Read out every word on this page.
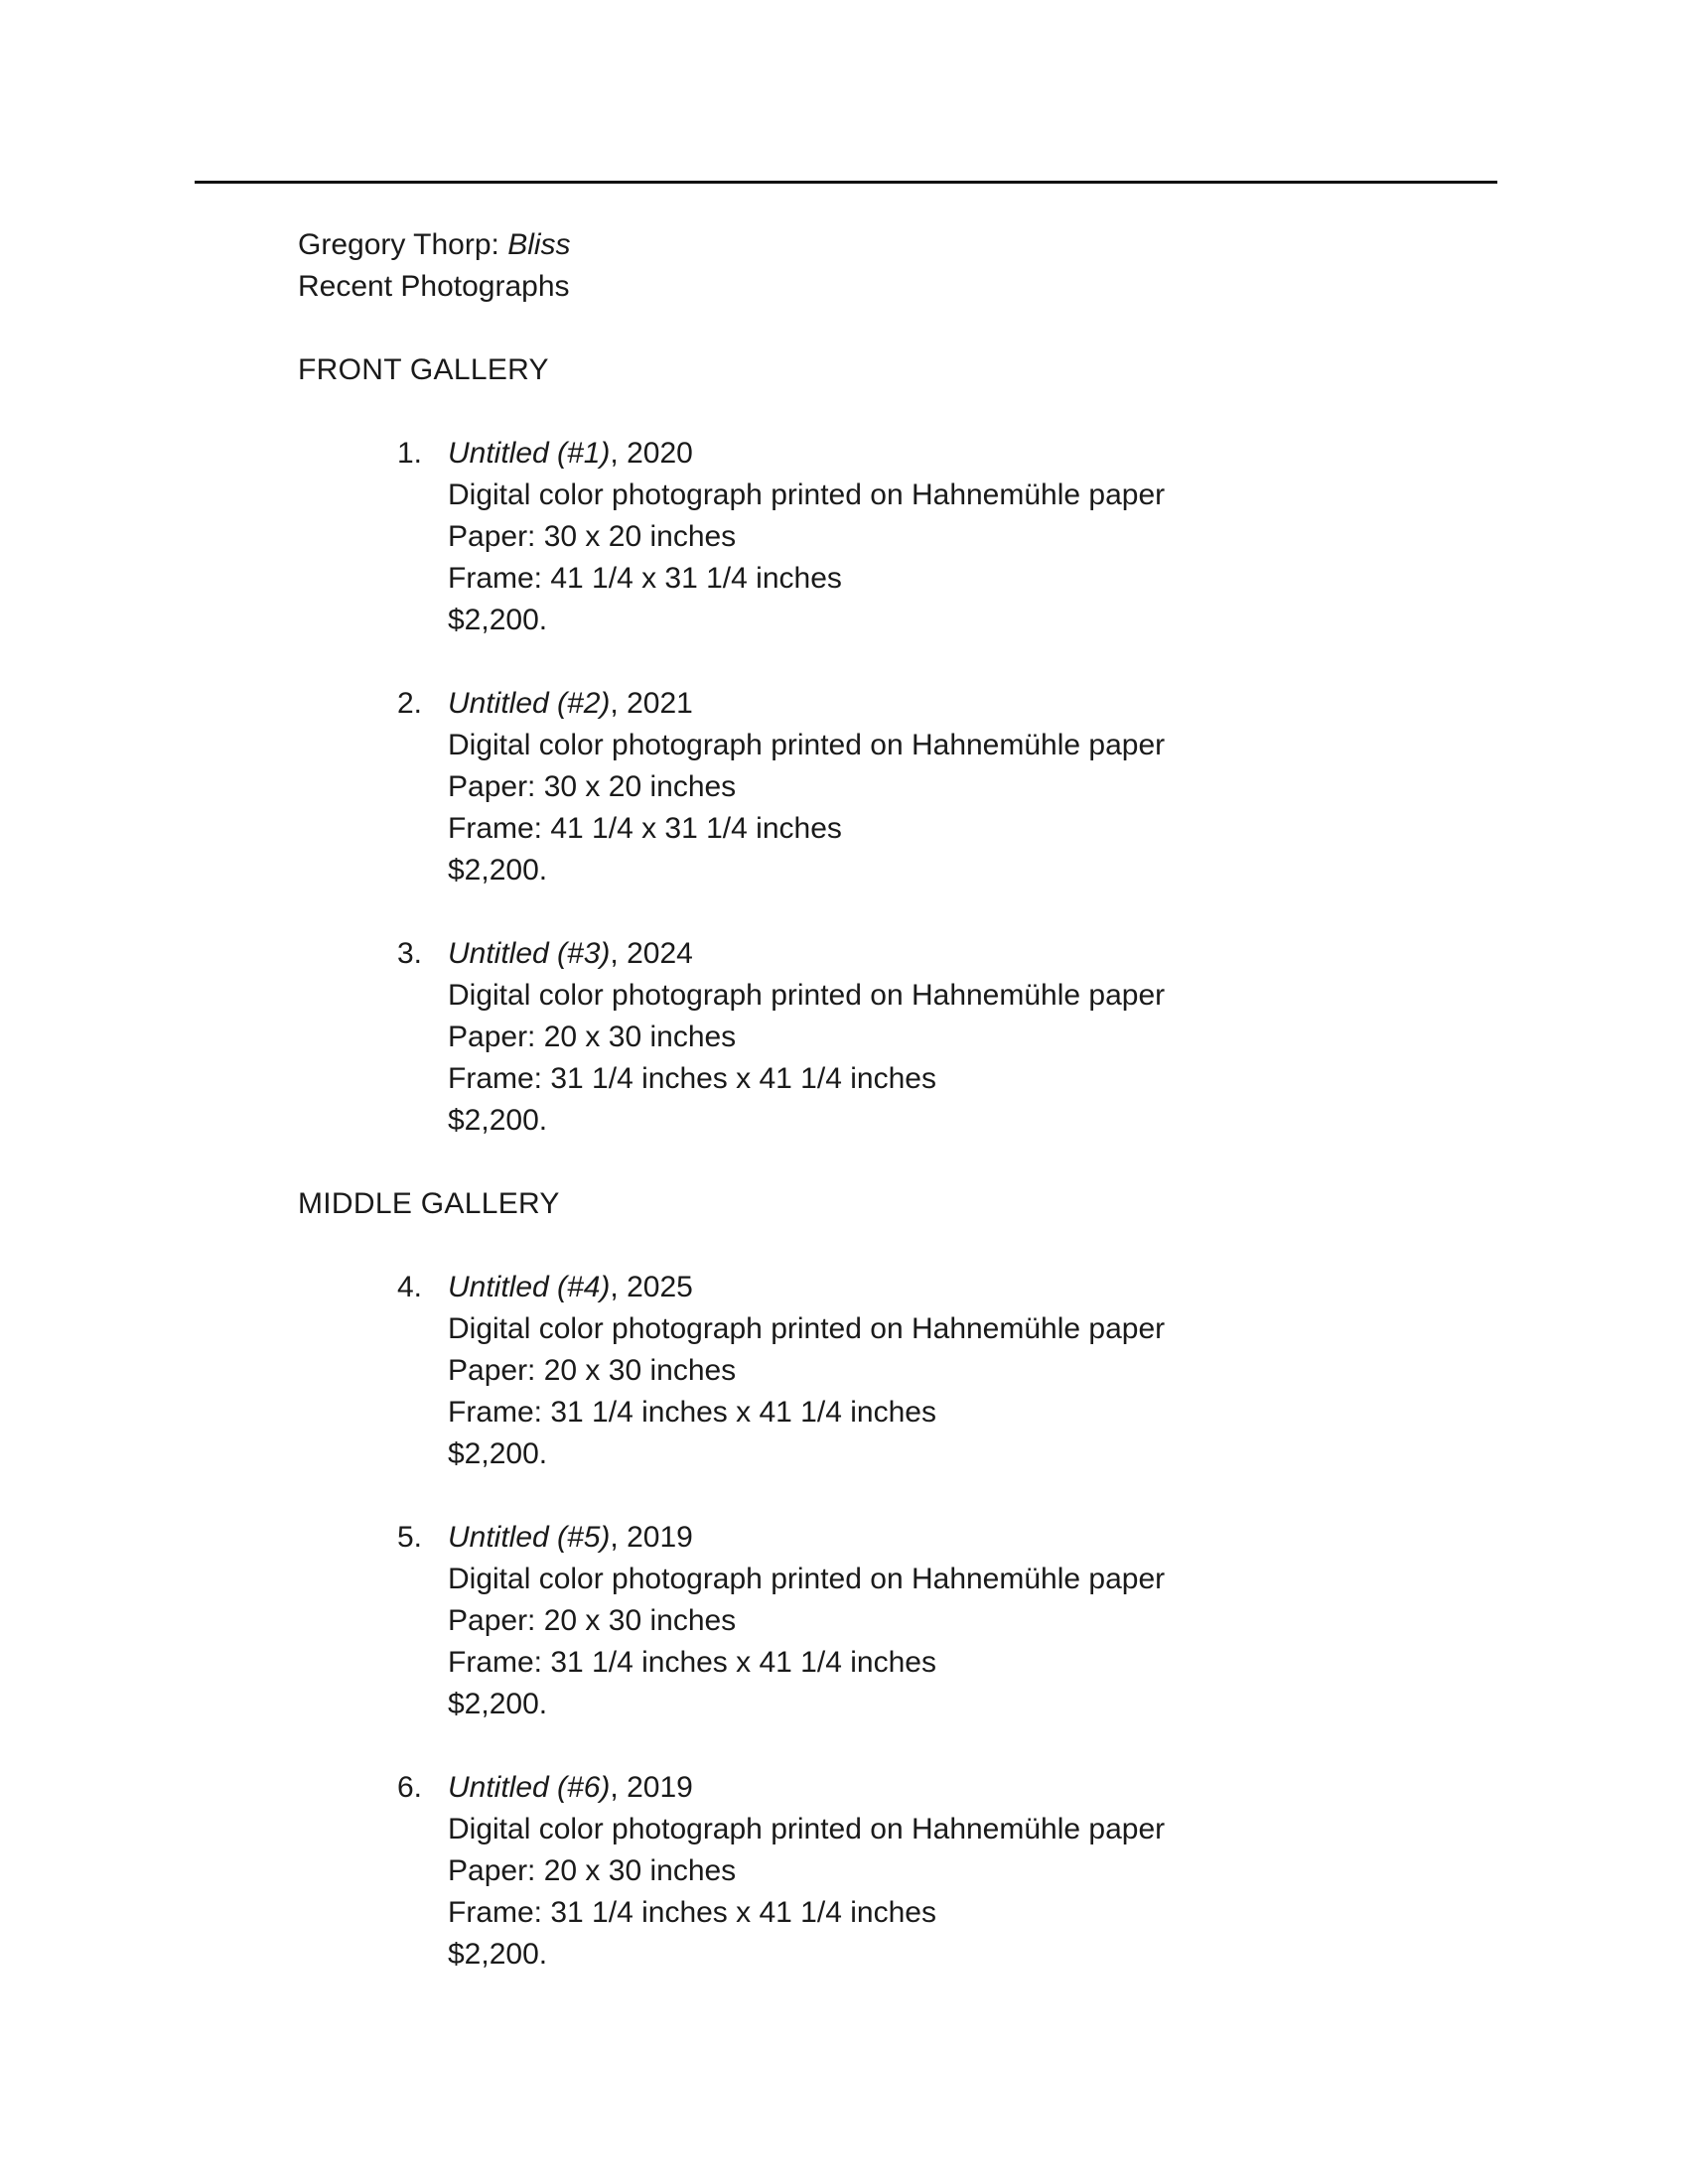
Gregory Thorp: Bliss
Recent Photographs
FRONT GALLERY
1. Untitled (#1), 2020
Digital color photograph printed on Hahnemühle paper
Paper: 30 x 20 inches
Frame: 41 1/4 x 31 1/4 inches
$2,200.
2. Untitled (#2), 2021
Digital color photograph printed on Hahnemühle paper
Paper: 30 x 20 inches
Frame: 41 1/4 x 31 1/4 inches
$2,200.
3. Untitled (#3), 2024
Digital color photograph printed on Hahnemühle paper
Paper: 20 x 30 inches
Frame: 31 1/4 inches x 41 1/4 inches
$2,200.
MIDDLE GALLERY
4. Untitled (#4), 2025
Digital color photograph printed on Hahnemühle paper
Paper: 20 x 30 inches
Frame: 31 1/4 inches x 41 1/4 inches
$2,200.
5. Untitled (#5), 2019
Digital color photograph printed on Hahnemühle paper
Paper: 20 x 30 inches
Frame: 31 1/4 inches x 41 1/4 inches
$2,200.
6. Untitled (#6), 2019
Digital color photograph printed on Hahnemühle paper
Paper: 20 x 30 inches
Frame: 31 1/4 inches x 41 1/4 inches
$2,200.
